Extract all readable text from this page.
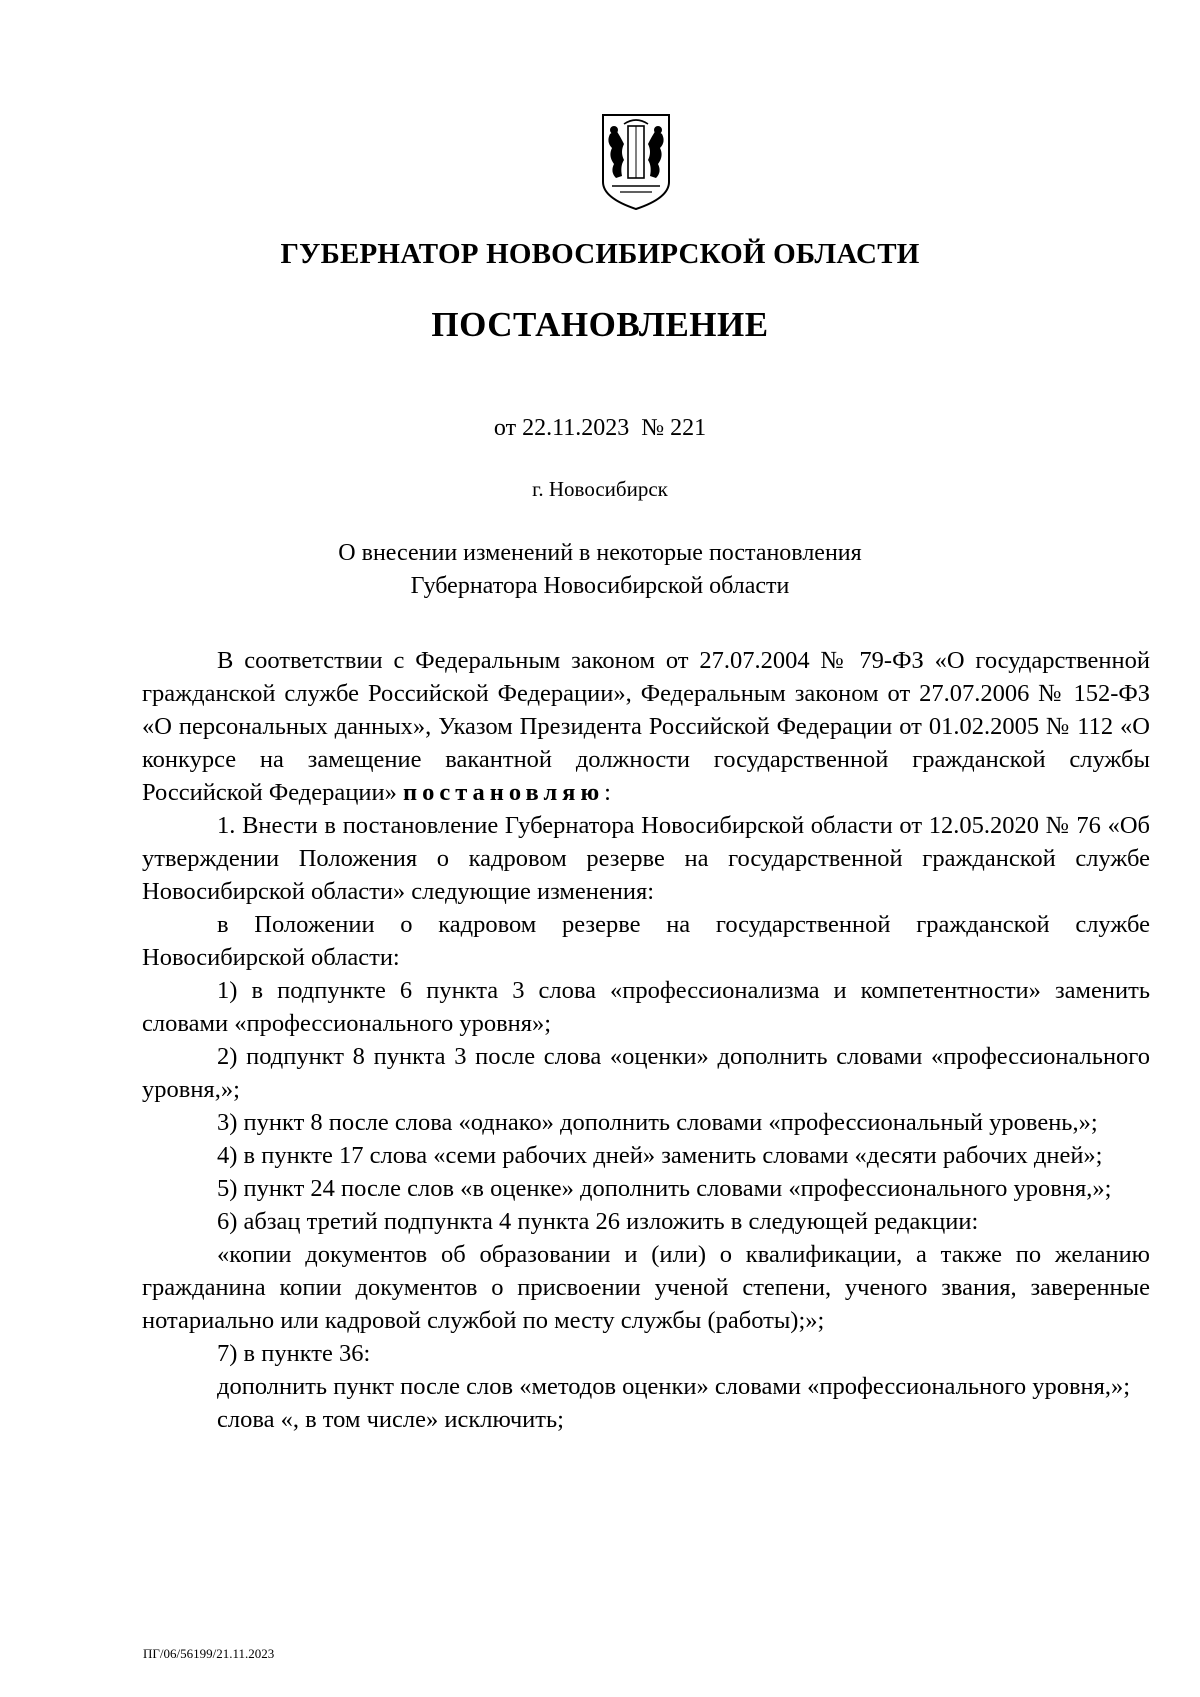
ГУБЕРНАТОР НОВОСИБИРСКОЙ ОБЛАСТИ
ПОСТАНОВЛЕНИЕ
от 22.11.2023  № 221
г. Новосибирск
О внесении изменений в некоторые постановления
Губернатора Новосибирской области

В соответствии с Федеральным законом от 27.07.2004 № 79-ФЗ «О государственной гражданской службе Российской Федерации», Федеральным законом от 27.07.2006 № 152-ФЗ «О персональных данных», Указом Президента Российской Федерации от 01.02.2005 № 112 «О конкурсе на замещение вакантной должности государственной гражданской службы Российской Федерации» постановляю:

1. Внести в постановление Губернатора Новосибирской области от 12.05.2020 № 76 «Об утверждении Положения о кадровом резерве на государственной гражданской службе Новосибирской области» следующие изменения:

в Положении о кадровом резерве на государственной гражданской службе Новосибирской области:

1) в подпункте 6 пункта 3 слова «профессионализма и компетентности» заменить словами «профессионального уровня»;

2) подпункт 8 пункта 3 после слова «оценки» дополнить словами «профессионального уровня,»;

3) пункт 8 после слова «однако» дополнить словами «профессиональный уровень,»;

4) в пункте 17 слова «семи рабочих дней» заменить словами «десяти рабочих дней»;

5) пункт 24 после слов «в оценке» дополнить словами «профессионального уровня,»;

6) абзац третий подпункта 4 пункта 26 изложить в следующей редакции:

«копии документов об образовании и (или) о квалификации, а также по желанию гражданина копии документов о присвоении ученой степени, ученого звания, заверенные нотариально или кадровой службой по месту службы (работы);»;

7) в пункте 36:

дополнить пункт после слов «методов оценки» словами «профессионального уровня,»;

слова «, в том числе» исключить;

ПГ/06/56199/21.11.2023
